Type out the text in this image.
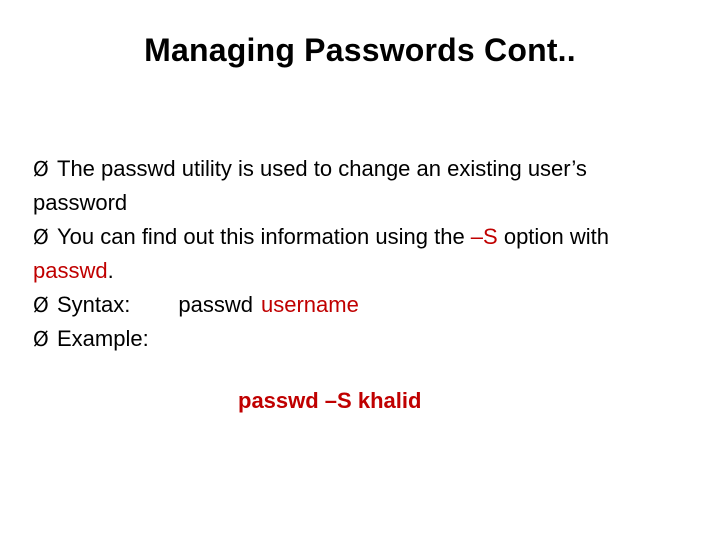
Managing Passwords Cont..
Ø The passwd utility is used to change an existing user’s password
Ø You can find out this information using the –S option with passwd.
Ø Syntax: passwd username
Ø Example:
passwd –S khalid
